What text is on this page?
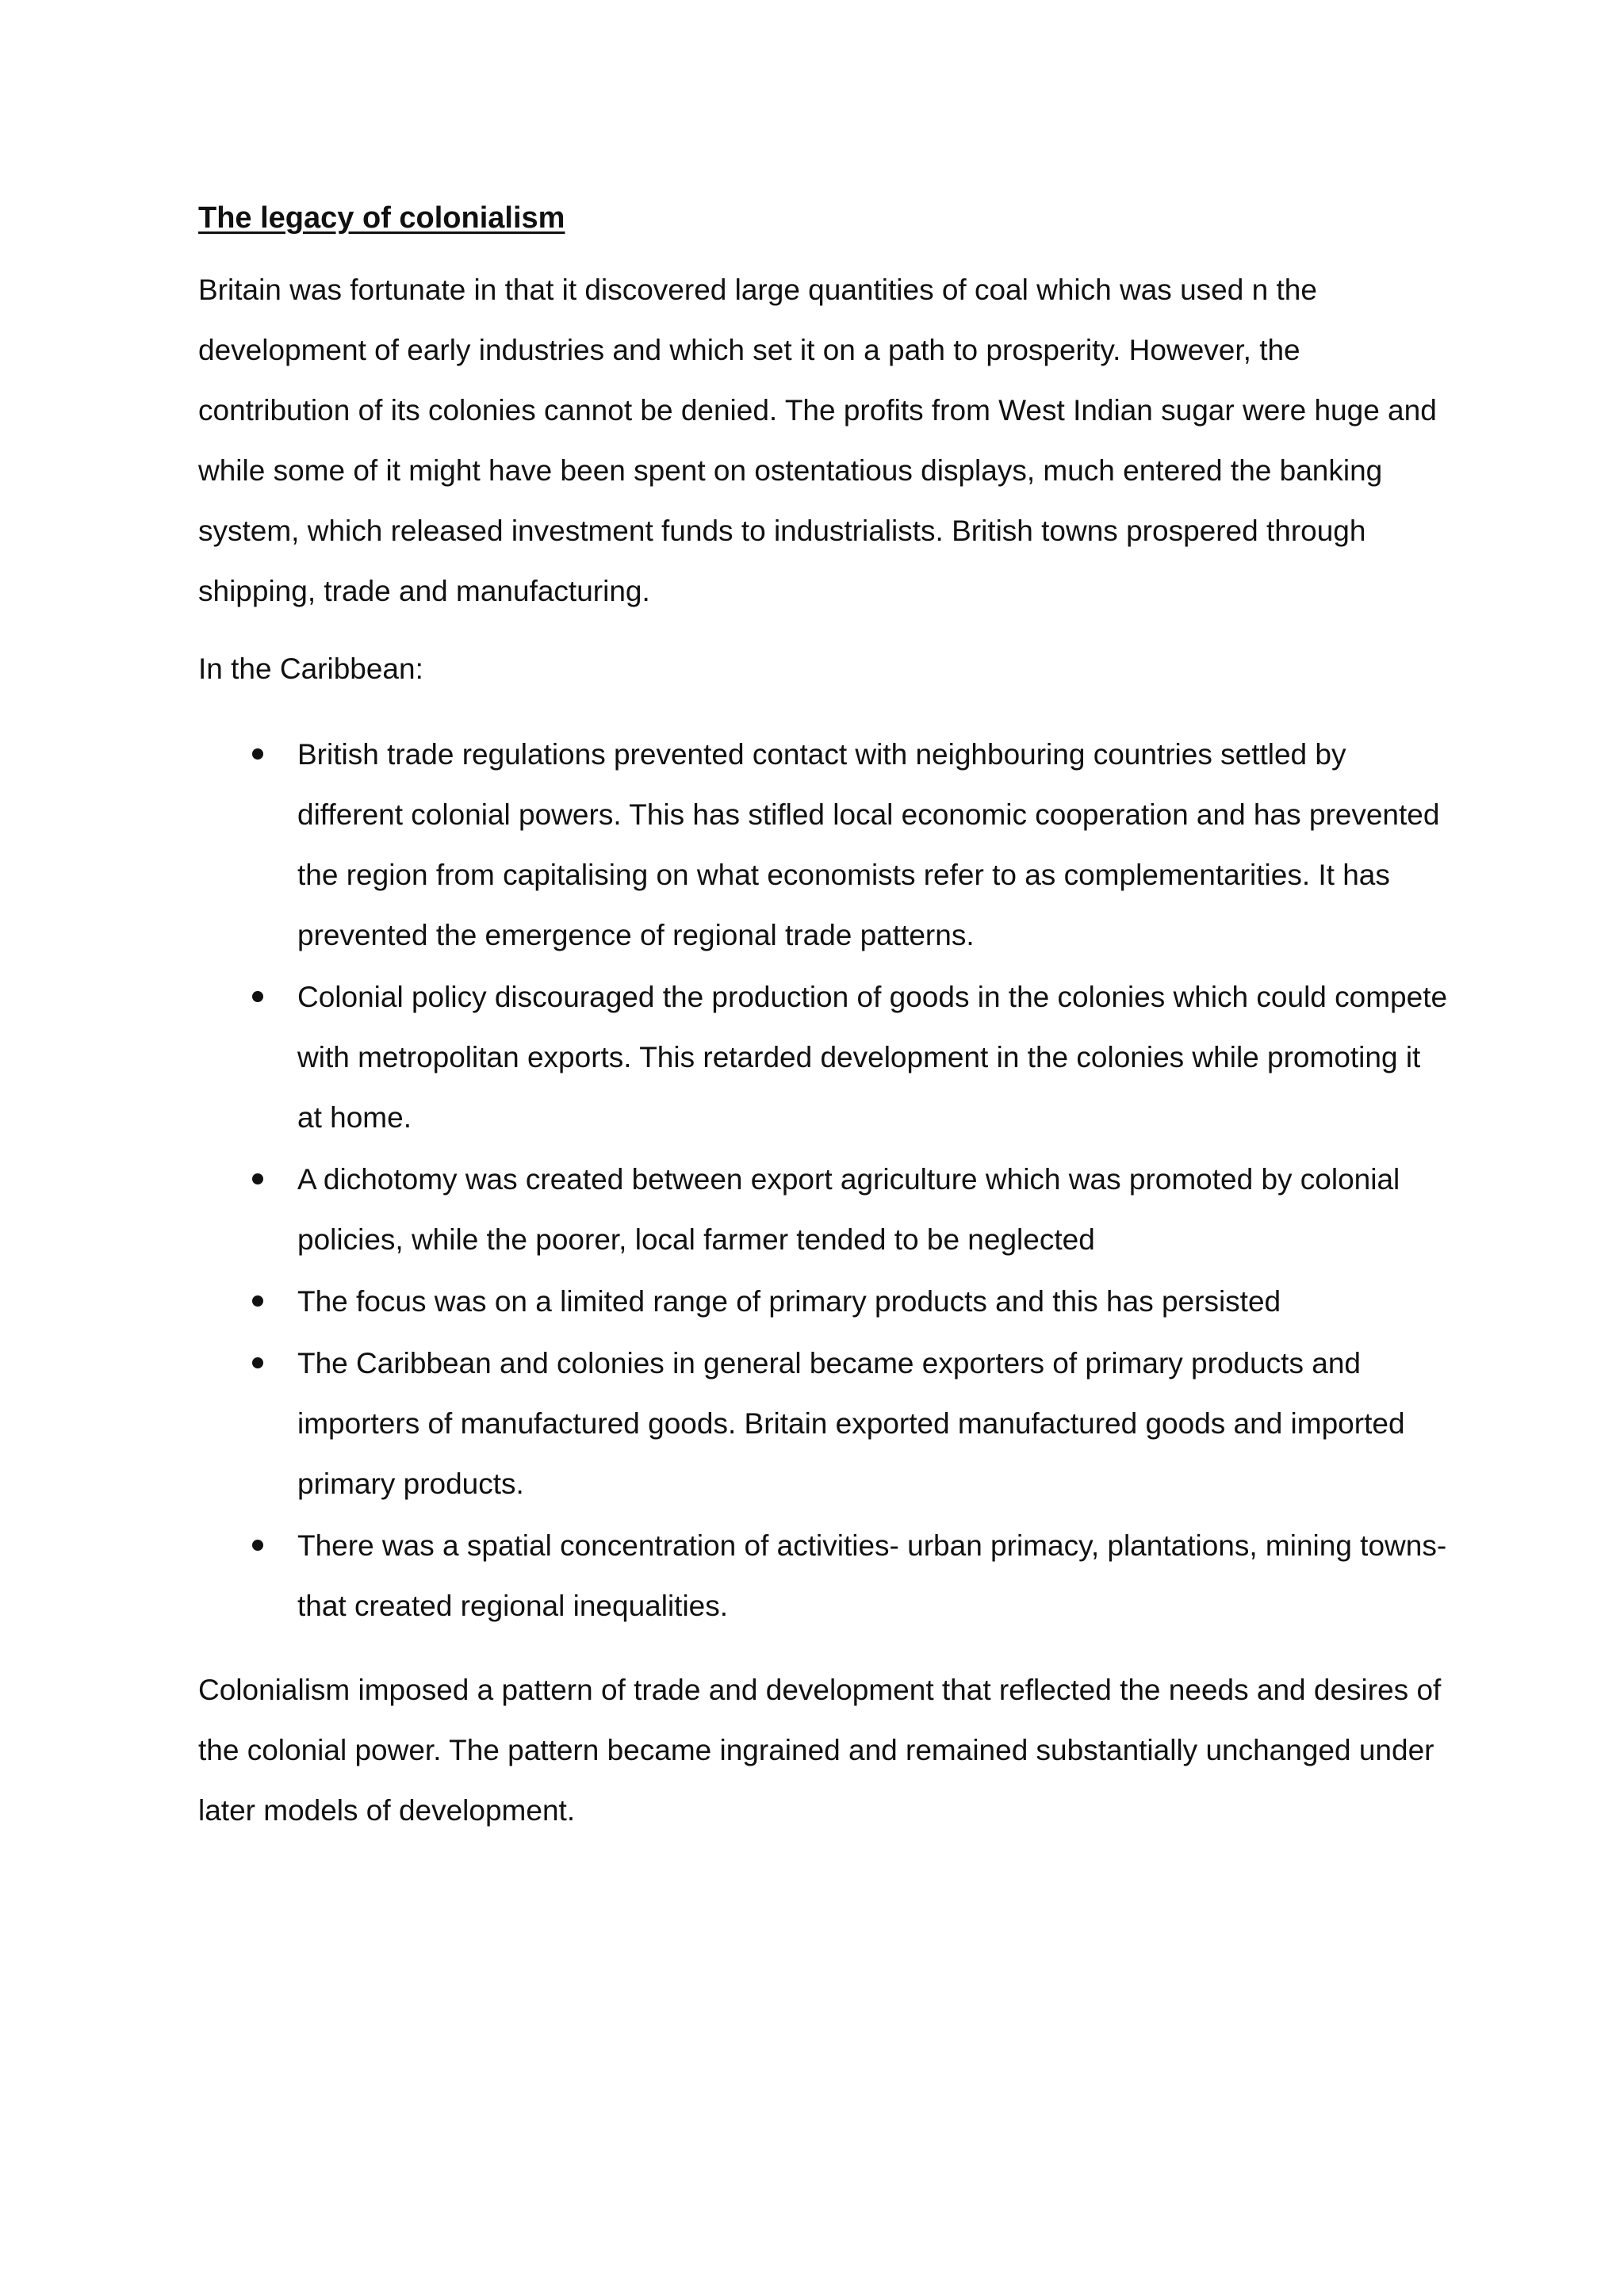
The legacy of colonialism

Britain was fortunate in that it discovered large quantities of coal which was used n the development of early industries and which set it on a path to prosperity. However, the contribution of its colonies cannot be denied. The profits from West Indian sugar were huge and while some of it might have been spent on ostentatious displays, much entered the banking system, which released investment funds to industrialists. British towns prospered through shipping, trade and manufacturing.

In the Caribbean:

British trade regulations prevented contact with neighbouring countries settled by different colonial powers. This has stifled local economic cooperation and has prevented the region from capitalising on what economists refer to as complementarities. It has prevented the emergence of regional trade patterns.
Colonial policy discouraged the production of goods in the colonies which could compete with metropolitan exports. This retarded development in the colonies while promoting it at home.
A dichotomy was created between export agriculture which was promoted by colonial policies, while the poorer, local farmer tended to be neglected
The focus was on a limited range of primary products and this has persisted
The Caribbean and colonies in general became exporters of primary products and importers of manufactured goods. Britain exported manufactured goods and imported primary products.
There was a spatial concentration of activities- urban primacy, plantations, mining towns- that created regional inequalities.

Colonialism imposed a pattern of trade and development that reflected the needs and desires of the colonial power. The pattern became ingrained and remained substantially unchanged under later models of development.
